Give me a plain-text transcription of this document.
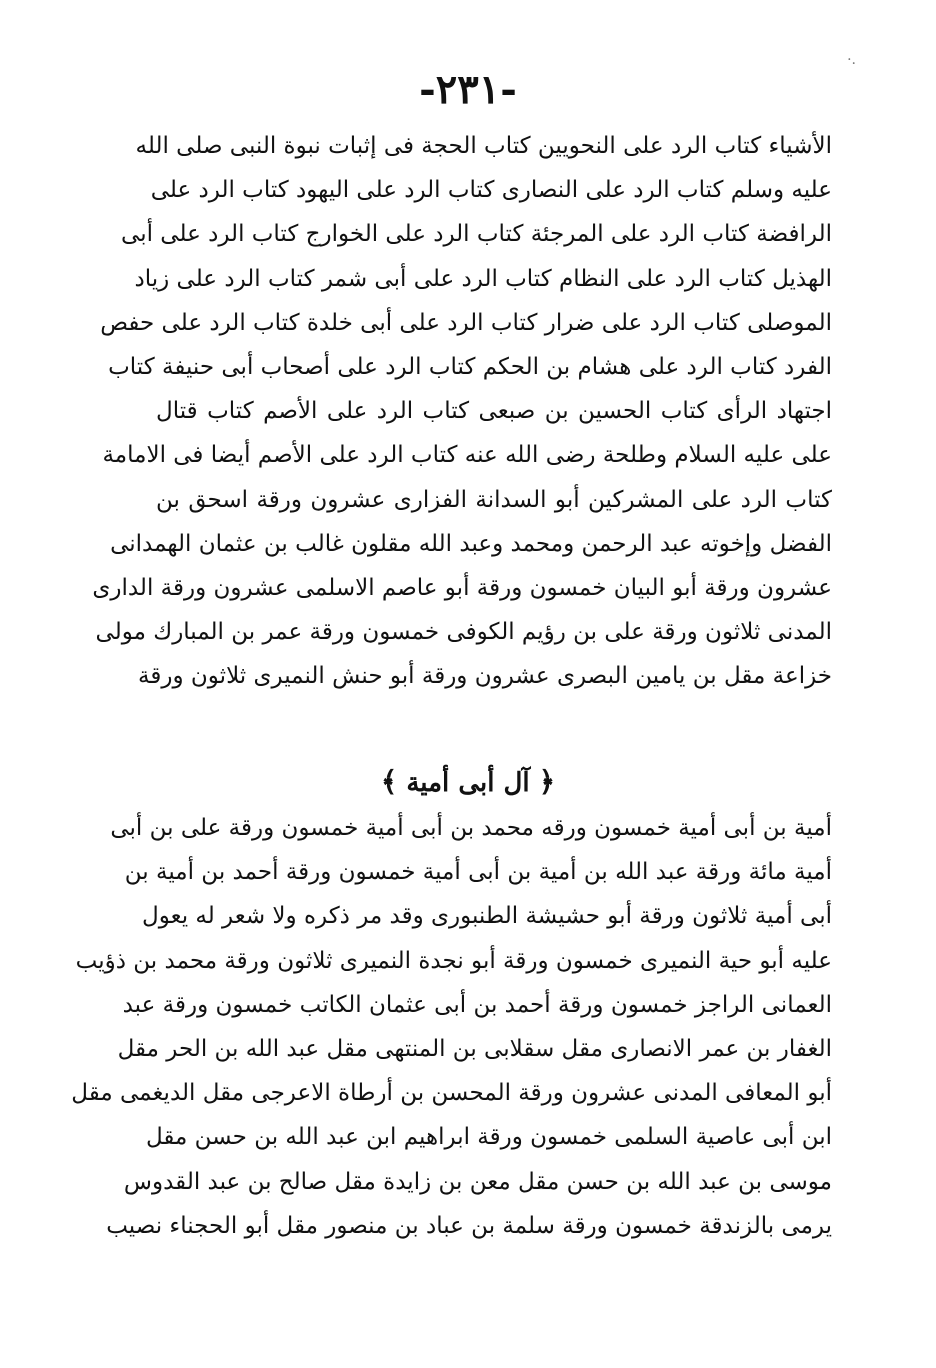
·.
-٢٣١-
الأشياء كتاب الرد على النحويين كتاب الحجة فى إثبات نبوة النبى صلى الله
عليه وسلم كتاب الرد على النصارى كتاب الرد على اليهود كتاب الرد على
الرافضة كتاب الرد على المرجئة كتاب الرد على الخوارج كتاب الرد على أبى
الهذيل كتاب الرد على النظام كتاب الرد على أبى شمر كتاب الرد على زياد
الموصلى كتاب الرد على ضرار كتاب الرد على أبى خلدة كتاب الرد على حفص
الفرد كتاب الرد على هشام بن الحكم كتاب الرد على أصحاب أبى حنيفة كتاب
اجتهاد الرأى كتاب الحسين بن صبعى كتاب الرد على الأصم كتاب قتال
على عليه السلام وطلحة رضى الله عنه كتاب الرد على الأصم أيضا فى الامامة
كتاب الرد على المشركين أبو السدانة الفزارى عشرون ورقة اسحق بن
الفضل وإخوته عبد الرحمن ومحمد وعبد الله مقلون غالب بن عثمان الهمدانى
عشرون ورقة أبو البيان خمسون ورقة أبو عاصم الاسلمى عشرون ورقة الدارى
المدنى ثلاثون ورقة على بن رؤيم الكوفى خمسون ورقة عمر بن المبارك مولى
خزاعة مقل بن يامين البصرى عشرون ورقة أبو حنش النميرى ثلاثون ورقة
﴿ آل أبى أمية ﴾
أمية بن أبى أمية خمسون ورقه محمد بن أبى أمية خمسون ورقة على بن أبى
أمية مائة ورقة عبد الله بن أمية بن أبى أمية خمسون ورقة أحمد بن أمية بن
أبى أمية ثلاثون ورقة أبو حشيشة الطنبورى وقد مر ذكره ولا شعر له يعول
عليه أبو حية النميرى خمسون ورقة أبو نجدة النميرى ثلاثون ورقة محمد بن ذؤيب
العمانى الراجز خمسون ورقة أحمد بن أبى عثمان الكاتب خمسون ورقة عبد
الغفار بن عمر الانصارى مقل سقلابى بن المنتهى مقل عبد الله بن الحر مقل
أبو المعافى المدنى عشرون ورقة المحسن بن أرطاة الاعرجى مقل الديغمى مقل
ابن أبى عاصية السلمى خمسون ورقة ابراهيم ابن عبد الله بن حسن مقل
موسى بن عبد الله بن حسن مقل معن بن زايدة مقل صالح بن عبد القدوس
يرمى بالزندقة خمسون ورقة سلمة بن عباد بن منصور مقل أبو الحجناء نصيب
